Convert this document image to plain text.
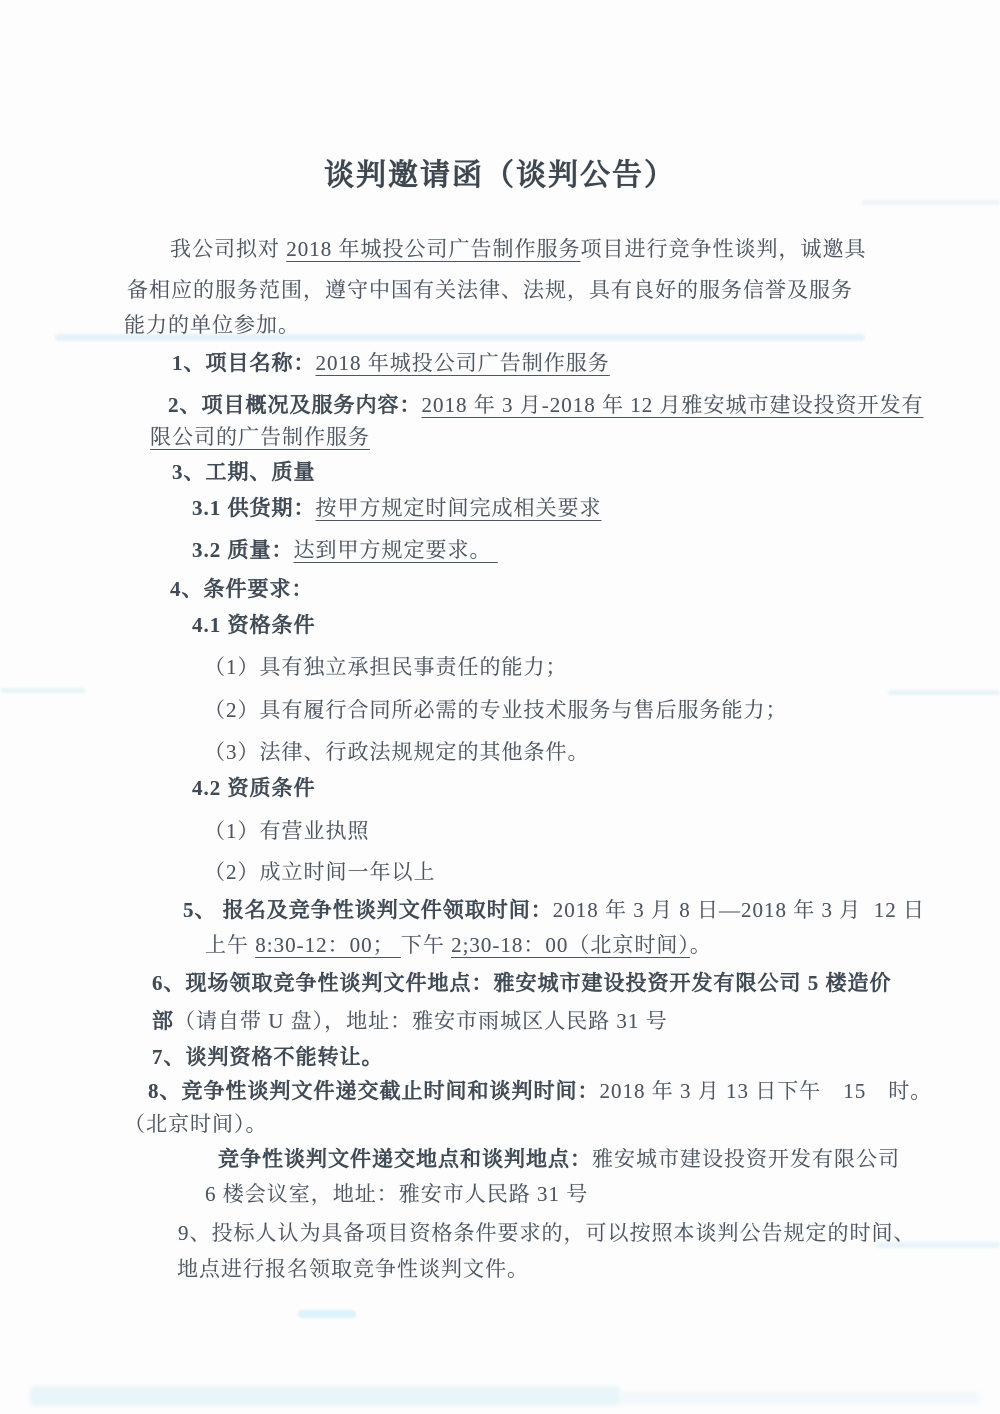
谈判邀请函（谈判公告）
我公司拟对 2018 年城投公司广告制作服务项目进行竞争性谈判，诚邀具
备相应的服务范围，遵守中国有关法律、法规，具有良好的服务信誉及服务
能力的单位参加。
1、项目名称：2018 年城投公司广告制作服务
2、项目概况及服务内容：2018 年 3 月-2018 年 12 月雅安城市建设投资开发有
限公司的广告制作服务
3、工期、质量
3.1 供货期：按甲方规定时间完成相关要求
3.2 质量：达到甲方规定要求。
4、条件要求：
4.1 资格条件
（1）具有独立承担民事责任的能力；
（2）具有履行合同所必需的专业技术服务与售后服务能力；
（3）法律、行政法规规定的其他条件。
4.2 资质条件
（1）有营业执照
（2）成立时间一年以上
5、 报名及竞争性谈判文件领取时间：2018 年 3 月 8 日—2018 年 3 月  12 日
上午 8:30-12：00； 下午 2;30-18：00（北京时间）。
6、现场领取竞争性谈判文件地点：雅安城市建设投资开发有限公司 5 楼造价
部（请自带 U 盘），地址：雅安市雨城区人民路 31 号
7、谈判资格不能转让。
8、竞争性谈判文件递交截止时间和谈判时间：2018 年 3 月 13 日下午　15　时。
（北京时间）。
竞争性谈判文件递交地点和谈判地点：雅安城市建设投资开发有限公司
6 楼会议室，地址：雅安市人民路 31 号
9、投标人认为具备项目资格条件要求的，可以按照本谈判公告规定的时间、
地点进行报名领取竞争性谈判文件。
